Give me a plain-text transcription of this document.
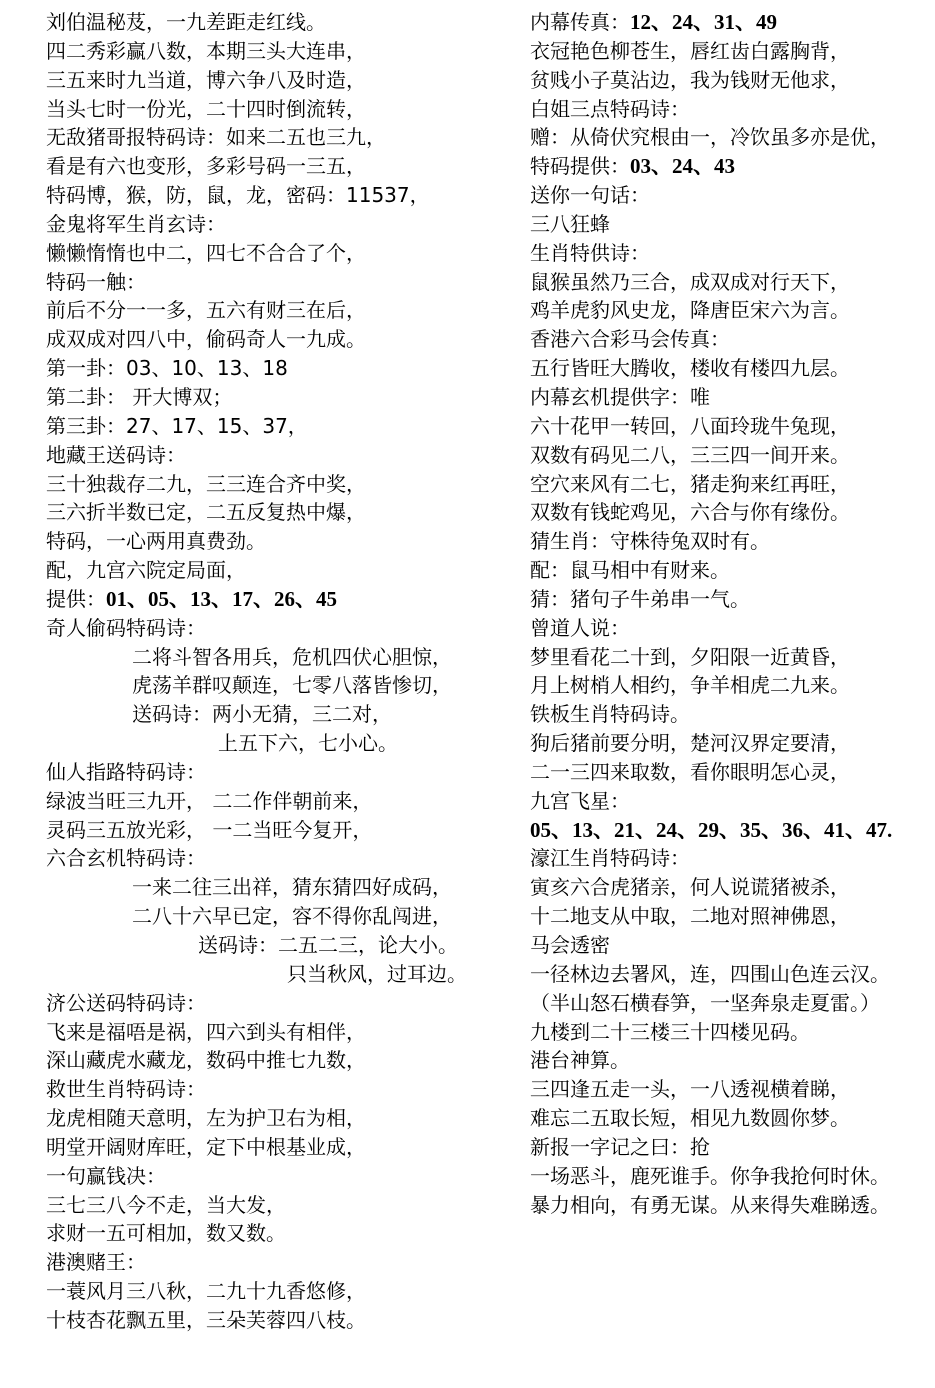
刘伯温秘芨，一九差距走红线。
四二秀彩赢八数，本期三头大连串，
三五来时九当道，博六争八及时造，
当头七时一份光，二十四时倒流转，
无敌猪哥报特码诗：如来二五也三九，
看是有六也变形，多彩号码一三五，
特码博，猴，防，鼠，龙，密码：11537，
金鬼将军生肖玄诗：
懒懒惰惰也中二，四七不合合了个，
特码一触：
前后不分一一多，五六有财三在后，
成双成对四八中，偷码奇人一九成。
第一卦：03、10、13、18
第二卦： 开大博双；
第三卦：27、17、15、37，
地藏王送码诗：
三十独裁存二九，三三连合齐中奖，
三六折半数已定，二五反复热中爆，
特码，一心两用真费劲。
配，九宫六院定局面，
提供：01、05、13、17、26、45
奇人偷码特码诗：
二将斗智各用兵，危机四伏心胆惊，
虎荡羊群叹颠连，七零八落皆惨切，
送码诗：两小无猜，三二对，
上五下六，七小心。
仙人指路特码诗：
绿波当旺三九开， 二二作伴朝前来，
灵码三五放光彩， 一二当旺今复开，
六合玄机特码诗：
一来二往三出祥，猜东猜四好成码，
二八十六早已定，容不得你乱闯进，
送码诗：二五二三，论大小。
只当秋风，过耳边。
济公送码特码诗：
飞来是福唔是祸，四六到头有相伴，
深山藏虎水藏龙，数码中推七九数，
救世生肖特码诗：
龙虎相随天意明，左为护卫右为相，
明堂开阔财库旺，定下中根基业成，
一句赢钱决：
三七三八今不走，当大发，
求财一五可相加，数又数。
港澳赌王：
一蓑风月三八秋，二九十九香悠修，
十枝杏花飘五里，三朵芙蓉四八枝。
内幕传真：12、24、31、49
衣冠艳色柳苍生，唇红齿白露胸背，
贫贱小子莫沾边，我为钱财无他求，
白姐三点特码诗：
赠：从倚伏究根由一，冷饮虽多亦是优，
特码提供：03、24、43
送你一句话：
三八狂蜂
生肖特供诗：
鼠猴虽然乃三合，成双成对行天下，
鸡羊虎豹风史龙，降唐臣宋六为言。
香港六合彩马会传真：
五行皆旺大腾收，楼收有楼四九层。
内幕玄机提供字：唯
六十花甲一转回，八面玲珑牛兔现，
双数有码见二八，三三四一间开来。
空穴来风有二七，猪走狗来红再旺，
双数有钱蛇鸡见，六合与你有缘份。
猜生肖：守株待兔双时有。
配：鼠马相中有财来。
猜：猪句子牛弟串一气。
曾道人说：
梦里看花二十到，夕阳限一近黄昏，
月上树梢人相约，争羊相虎二九来。
铁板生肖特码诗。
狗后猪前要分明，楚河汉界定要清，
二一三四来取数，看你眼明怎心灵，
九宫飞星：
05、13、21、24、29、35、36、41、47.
濠江生肖特码诗：
寅亥六合虎猪亲，何人说谎猪被杀，
十二地支从中取，二地对照神佛恩，
马会透密
一径林边去署风，连，四围山色连云汉。
（半山怒石横春笋，一坚奔泉走夏雷。）
九楼到二十三楼三十四楼见码。
港台神算。
三四逢五走一头，一八透视横着睇，
难忘二五取长短，相见九数圆你梦。
新报一字记之曰：抢
一场恶斗，鹿死谁手。你争我抢何时休。
暴力相向，有勇无谋。从来得失难睇透。
